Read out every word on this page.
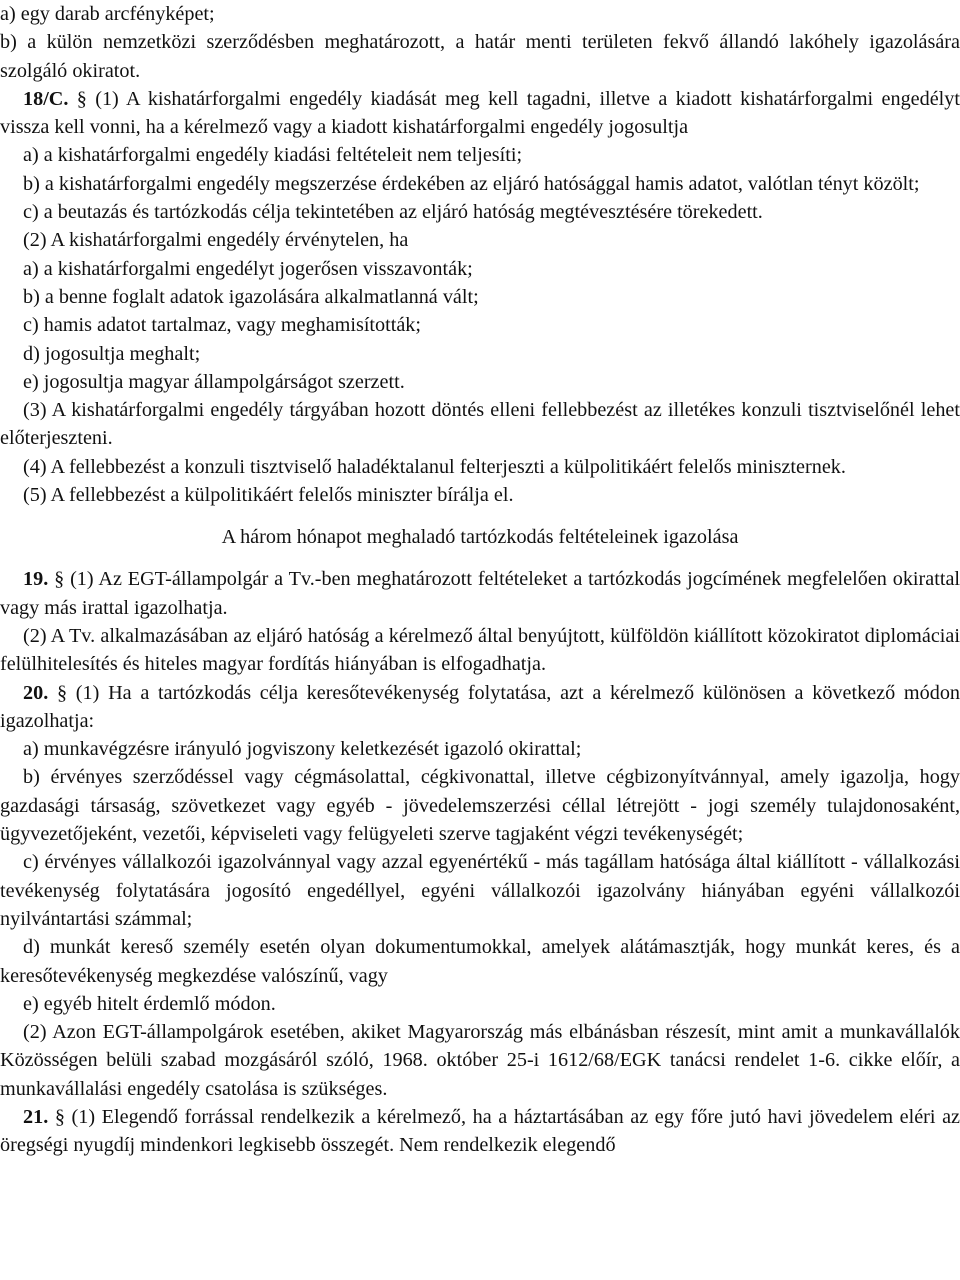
a) egy darab arcfényképet;

b) a külön nemzetközi szerződésben meghatározott, a határ menti területen fekvő állandó lakóhely igazolására szolgáló okiratot.

18/C. § (1) A kishatárforgalmi engedély kiadását meg kell tagadni, illetve a kiadott kishatárforgalmi engedélyt vissza kell vonni, ha a kérelmező vagy a kiadott kishatárforgalmi engedély jogosultja

a) a kishatárforgalmi engedély kiadási feltételeit nem teljesíti;

b) a kishatárforgalmi engedély megszerzése érdekében az eljáró hatósággal hamis adatot, valótlan tényt közölt;

c) a beutazás és tartózkodás célja tekintetében az eljáró hatóság megtévesztésére törekedett.

(2) A kishatárforgalmi engedély érvénytelen, ha

a) a kishatárforgalmi engedélyt jogerősen visszavonták;

b) a benne foglalt adatok igazolására alkalmatlanná vált;

c) hamis adatot tartalmaz, vagy meghamisították;

d) jogosultja meghalt;

e) jogosultja magyar állampolgárságot szerzett.

(3) A kishatárforgalmi engedély tárgyában hozott döntés elleni fellebbezést az illetékes konzuli tisztviselőnél lehet előterjeszteni.

(4) A fellebbezést a konzuli tisztviselő haladéktalanul felterjeszti a külpolitikáért felelős miniszternek.

(5) A fellebbezést a külpolitikáért felelős miniszter bírálja el.

A három hónapot meghaladó tartózkodás feltételeinek igazolása

19. § (1) Az EGT-állampolgár a Tv.-ben meghatározott feltételeket a tartózkodás jogcímének megfelelően okirattal vagy más irattal igazolhatja.

(2) A Tv. alkalmazásában az eljáró hatóság a kérelmező által benyújtott, külföldön kiállított közokiratot diplomáciai felülhitelesítés és hiteles magyar fordítás hiányában is elfogadhatja.

20. § (1) Ha a tartózkodás célja keresőtevékenység folytatása, azt a kérelmező különösen a következő módon igazolhatja:

a) munkavégzésre irányuló jogviszony keletkezését igazoló okirattal;

b) érvényes szerződéssel vagy cégmásolattal, cégkivonattal, illetve cégbizonyítvánnyal, amely igazolja, hogy gazdasági társaság, szövetkezet vagy egyéb - jövedelemszerzési céllal létrejött - jogi személy tulajdonosaként, ügyvezetőjeként, vezetői, képviseleti vagy felügyeleti szerve tagjaként végzi tevékenységét;

c) érvényes vállalkozói igazolvánnyal vagy azzal egyenértékű - más tagállam hatósága által kiállított - vállalkozási tevékenység folytatására jogosító engedéllyel, egyéni vállalkozói igazolvány hiányában egyéni vállalkozói nyilvántartási számmal;

d) munkát kereső személy esetén olyan dokumentumokkal, amelyek alátámasztják, hogy munkát keres, és a keresőtevékenység megkezdése valószínű, vagy

e) egyéb hitelt érdemlő módon.

(2) Azon EGT-állampolgárok esetében, akiket Magyarország más elbánásban részesít, mint amit a munkavállalók Közösségen belüli szabad mozgásáról szóló, 1968. október 25-i 1612/68/EGK tanácsi rendelet 1-6. cikke előír, a munkavállalási engedély csatolása is szükséges.

21. § (1) Elegendő forrással rendelkezik a kérelmező, ha a háztartásában az egy főre jutó havi jövedelem eléri az öregségi nyugdíj mindenkori legkisebb összegét. Nem rendelkezik elegendő
